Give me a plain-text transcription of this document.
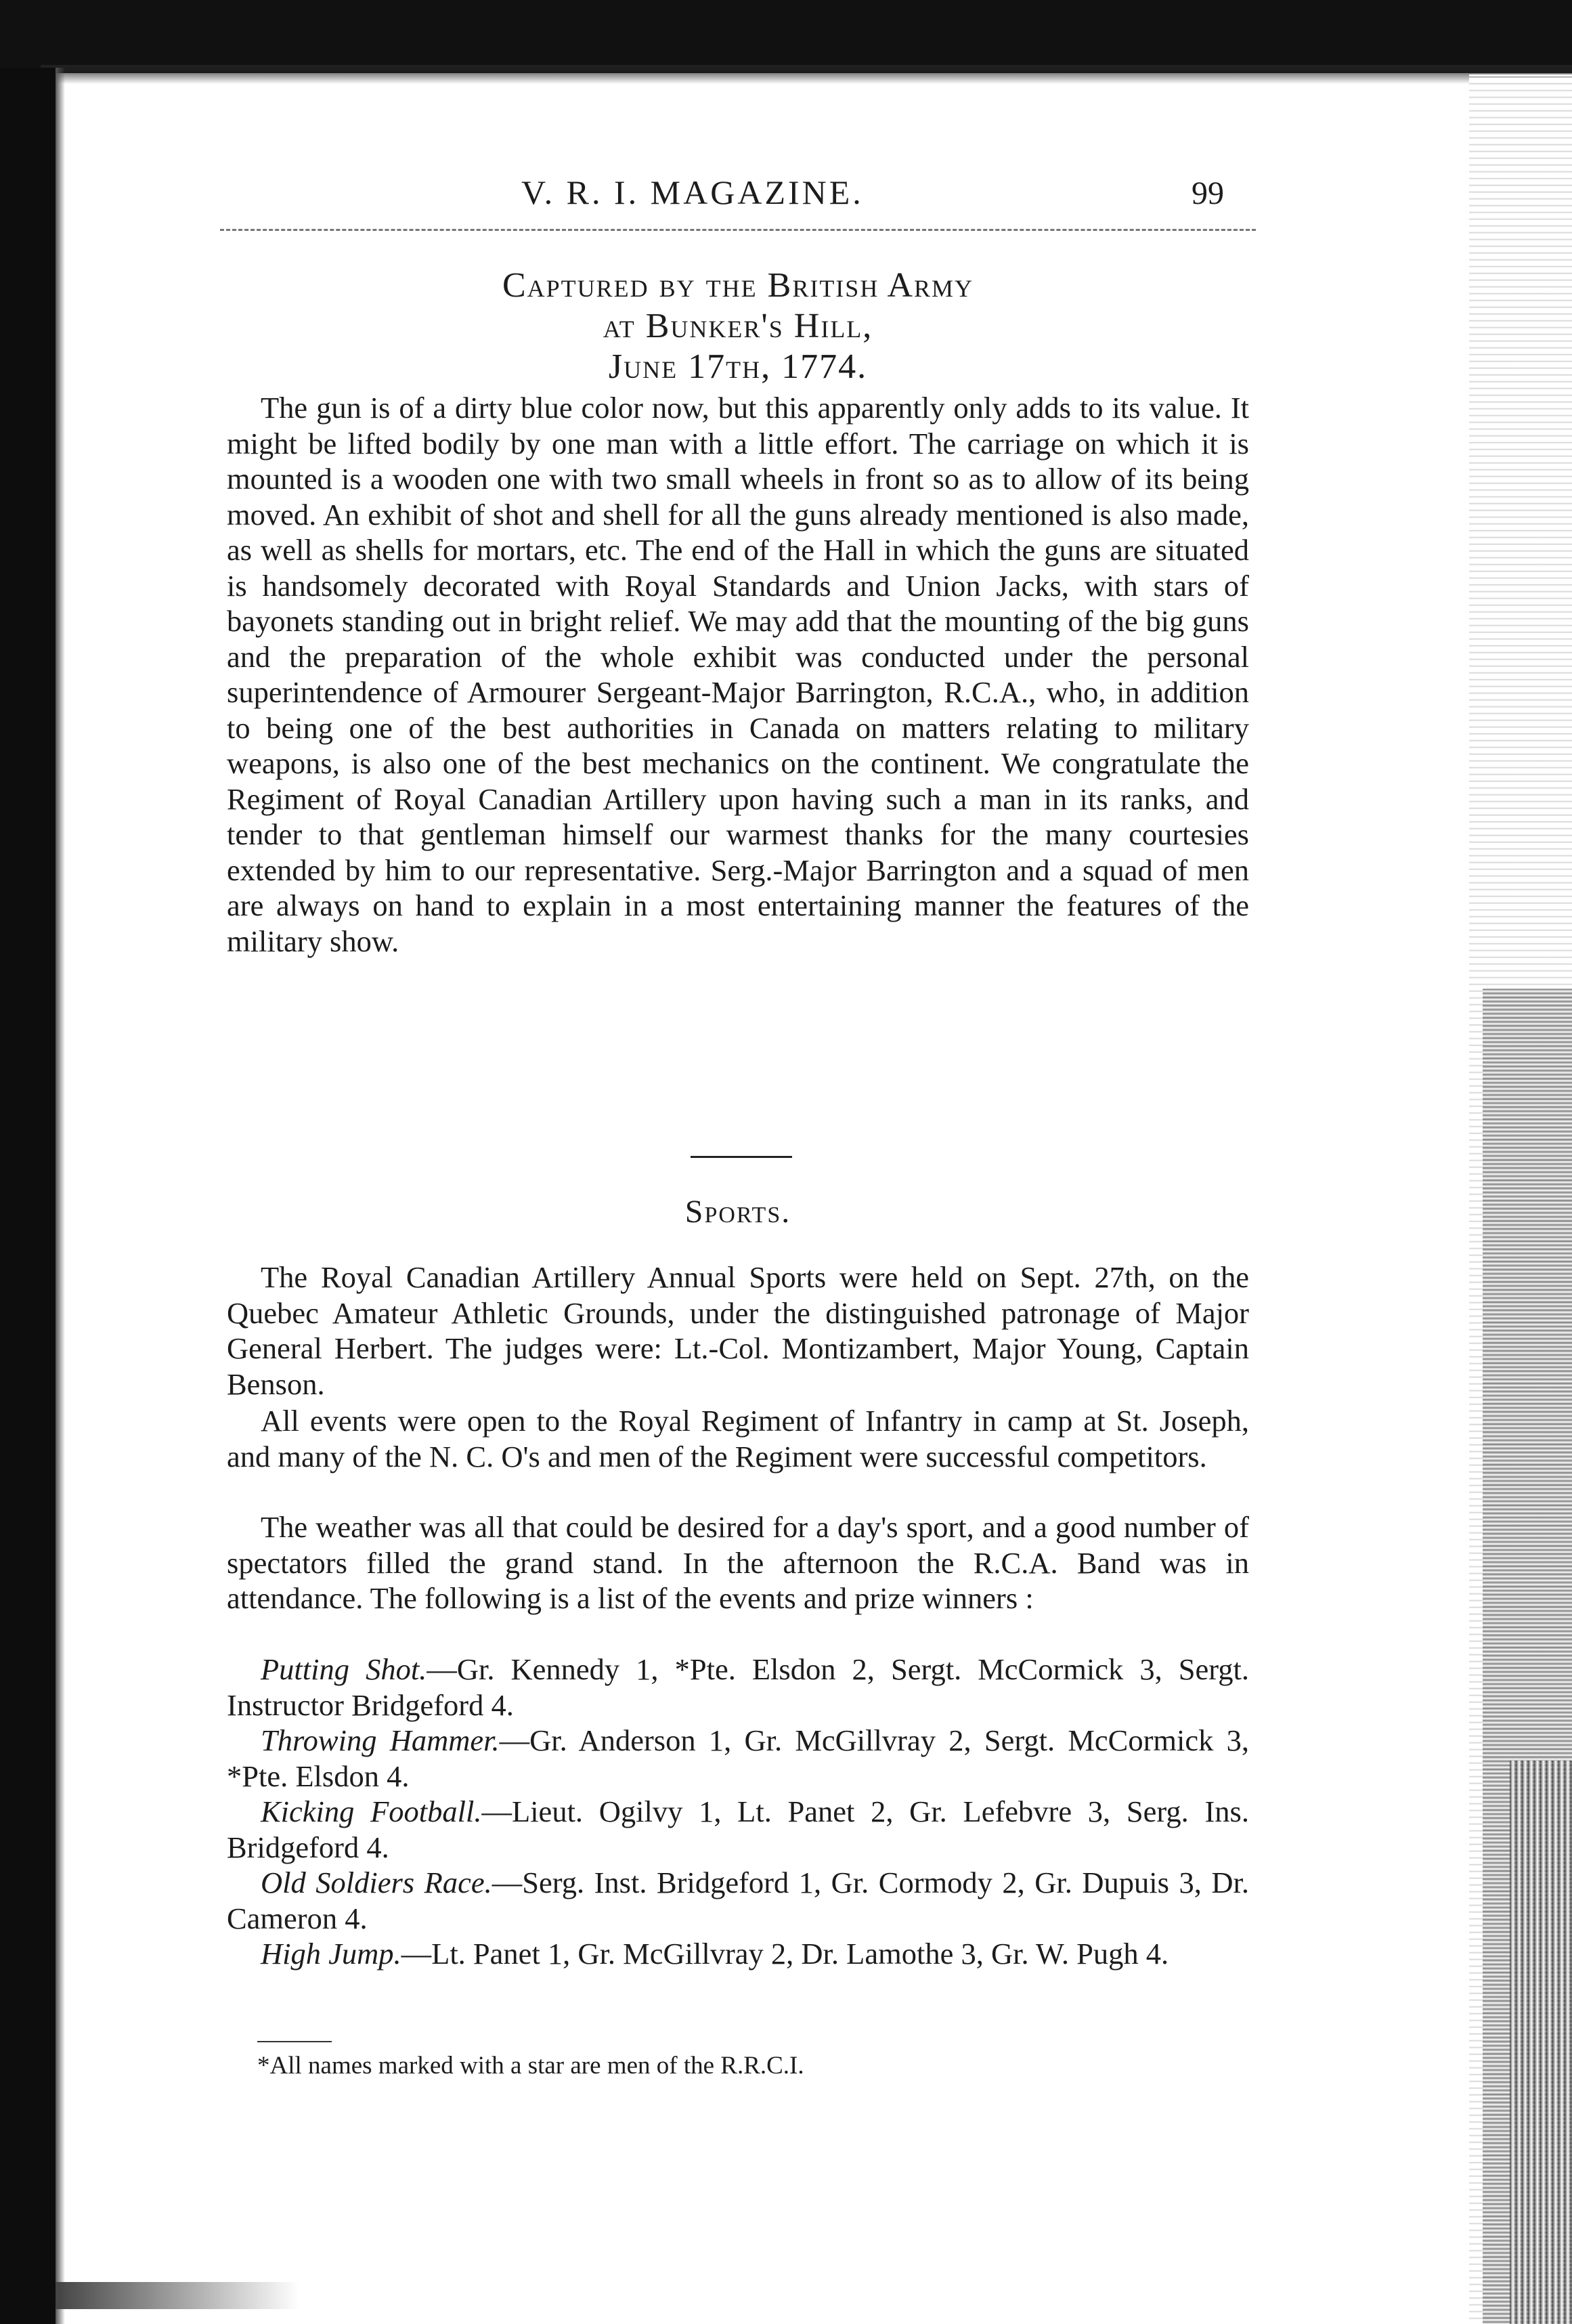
V. R. I. MAGAZINE.	99
Captured by the British Army
at Bunker's Hill,
June 17th, 1774.

The gun is of a dirty blue color now, but this apparently only adds to its value. It might be lifted bodily by one man with a little effort. The carriage on which it is mounted is a wooden one with two small wheels in front so as to allow of its being moved. An exhibit of shot and shell for all the guns already mentioned is also made, as well as shells for mortars, etc. The end of the Hall in which the guns are situated is handsomely decorated with Royal Standards and Union Jacks, with stars of bayonets standing out in bright relief. We may add that the mounting of the big guns and the preparation of the whole exhibit was conducted under the personal superintendence of Armourer Sergeant-Major Barrington, R.C.A., who, in addition to being one of the best authorities in Canada on matters relating to military weapons, is also one of the best mechanics on the continent. We congratulate the Regiment of Royal Canadian Artillery upon having such a man in its ranks, and tender to that gentleman himself our warmest thanks for the many courtesies extended by him to our representative. Serg.-Major Barrington and a squad of men are always on hand to explain in a most entertaining manner the features of the military show.

Sports.

The Royal Canadian Artillery Annual Sports were held on Sept. 27th, on the Quebec Amateur Athletic Grounds, under the distinguished patronage of Major General Herbert. The judges were: Lt.-Col. Montizambert, Major Young, Captain Benson.

All events were open to the Royal Regiment of Infantry in camp at St. Joseph, and many of the N. C. O's and men of the Regiment were successful competitors.

The weather was all that could be desired for a day's sport, and a good number of spectators filled the grand stand. In the afternoon the R.C.A. Band was in attendance. The following is a list of the events and prize winners :

Putting Shot.—Gr. Kennedy 1, *Pte. Elsdon 2, Sergt. McCormick 3, Sergt. Instructor Bridgeford 4.

Throwing Hammer.—Gr. Anderson 1, Gr. McGillvray 2, Sergt. McCormick 3, *Pte. Elsdon 4.

Kicking Football.—Lieut. Ogilvy 1, Lt. Panet 2, Gr. Lefebvre 3, Serg. Ins. Bridgeford 4.

Old Soldiers Race.—Serg. Inst. Bridgeford 1, Gr. Cormody 2, Gr. Dupuis 3, Dr. Cameron 4.

High Jump.—Lt. Panet 1, Gr. McGillvray 2, Dr. Lamothe 3, Gr. W. Pugh 4.

*All names marked with a star are men of the R.R.C.I.
